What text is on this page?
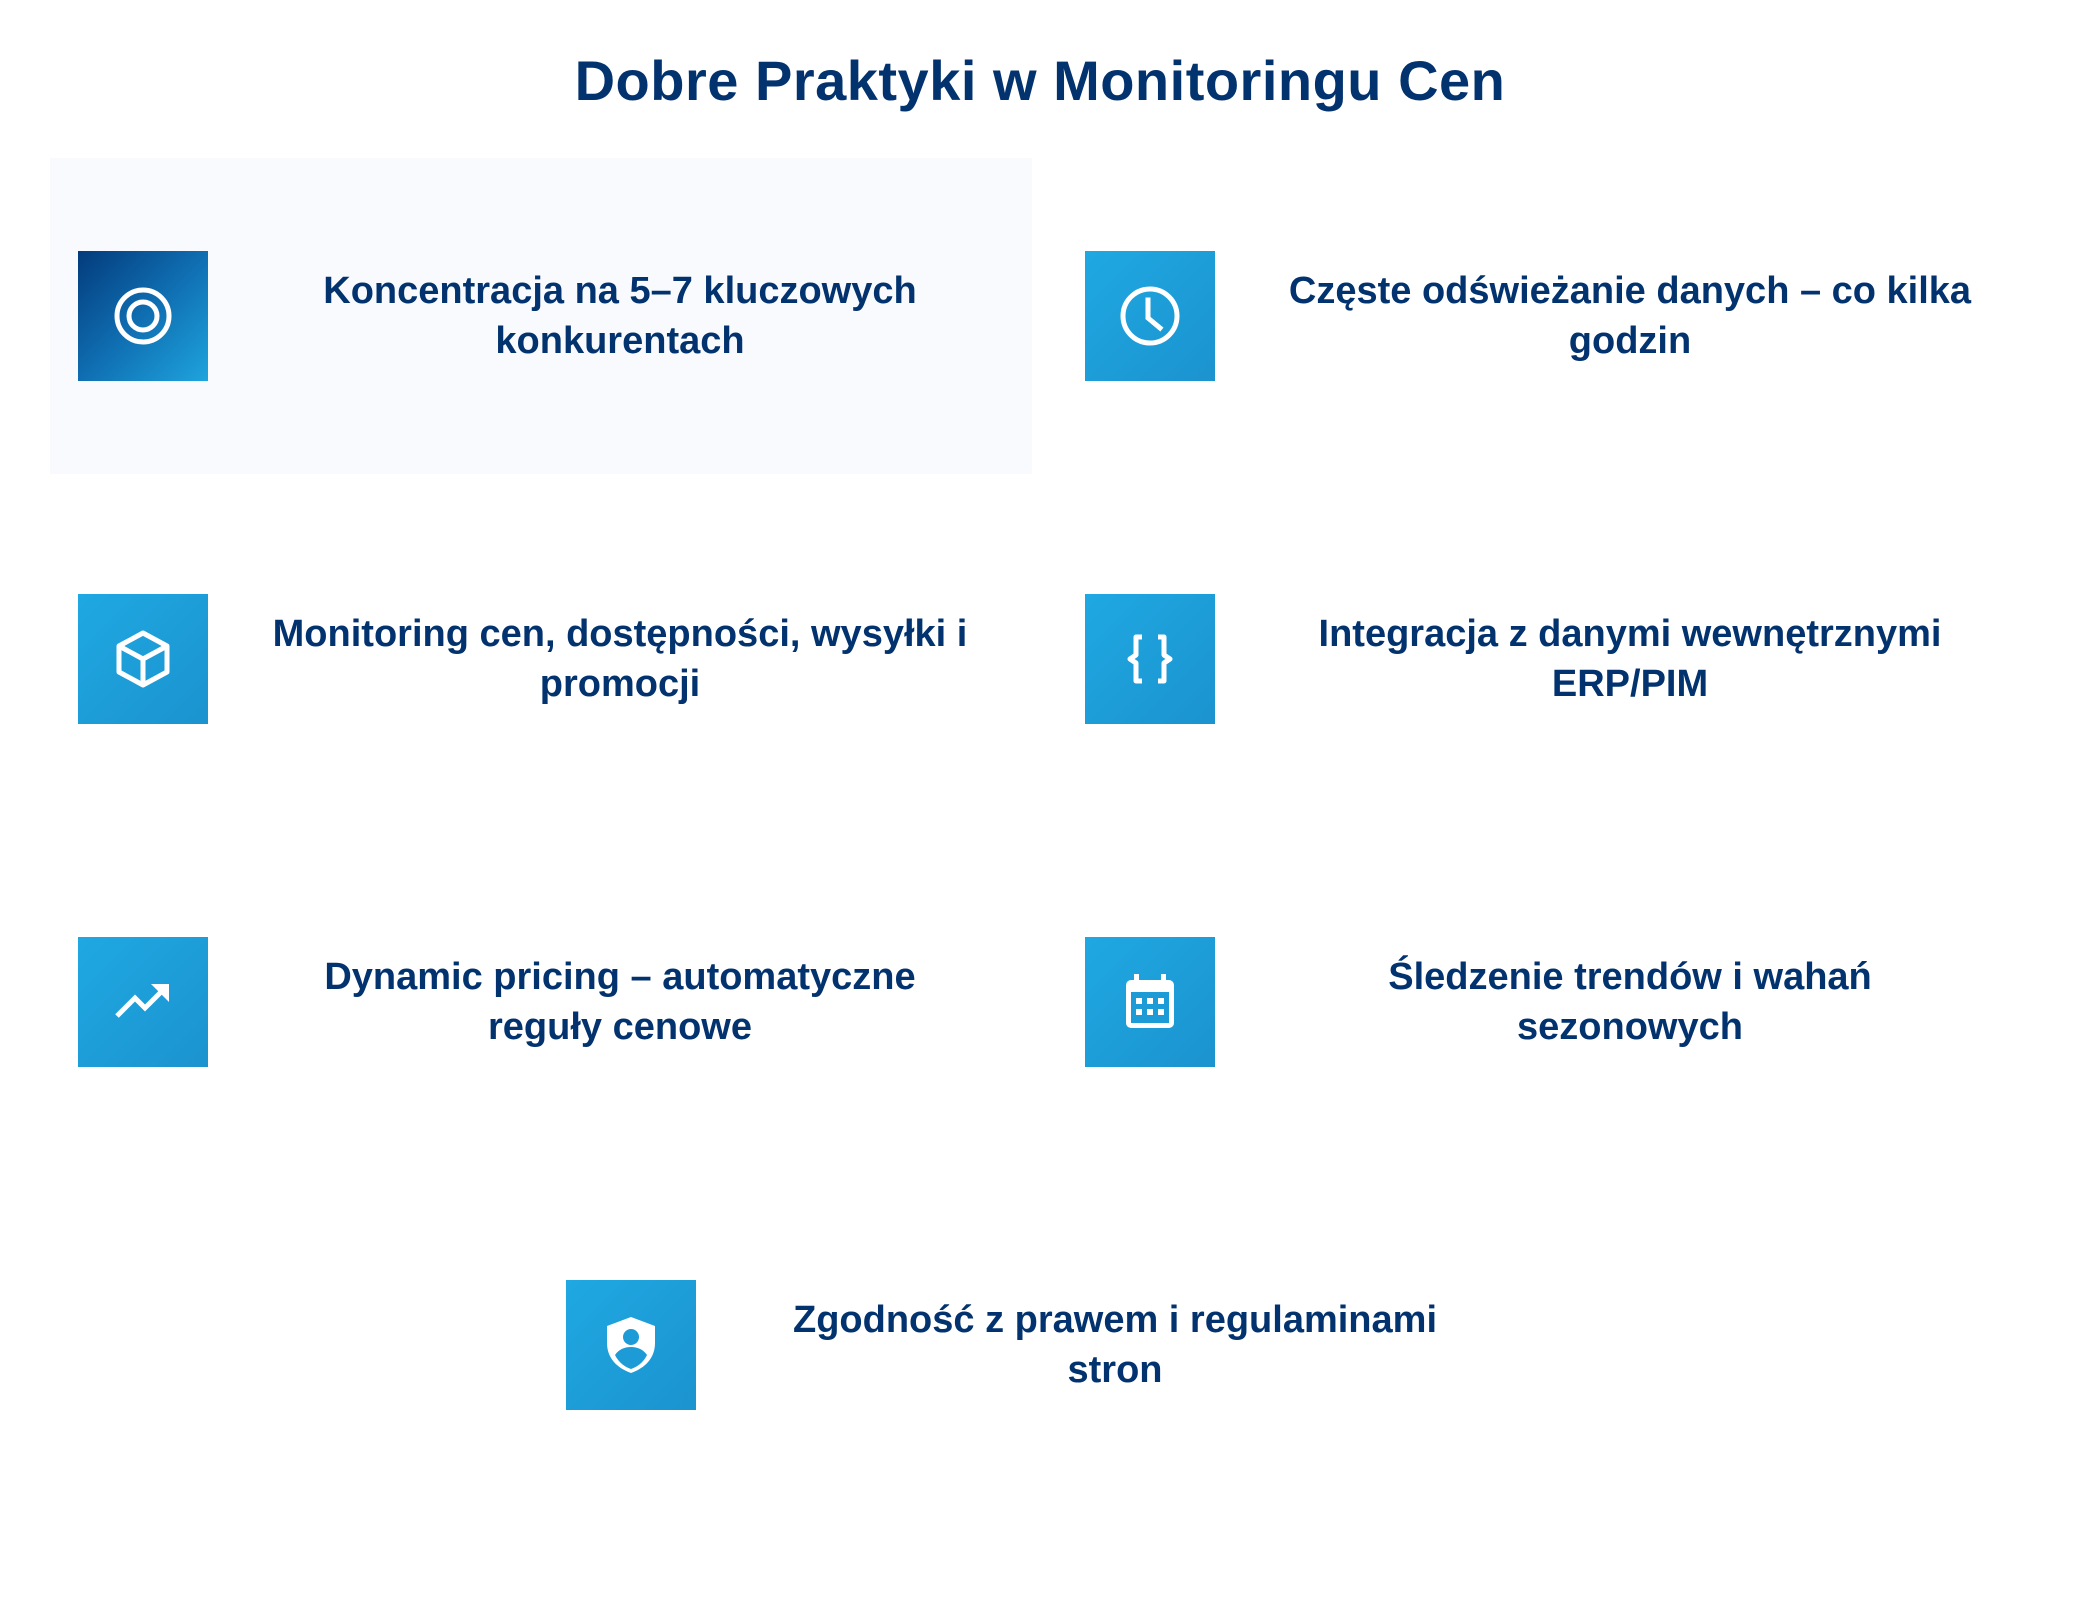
Dobre Praktyki w Monitoringu Cen
Koncentracja na 5–7 kluczowych
konkurentach
Częste odświeżanie danych – co kilka
godzin
Monitoring cen, dostępności, wysyłki i
promocji
Integracja z danymi wewnętrznymi
ERP/PIM
Dynamic pricing – automatyczne
reguły cenowe
Śledzenie trendów i wahań
sezonowych
Zgodność z prawem i regulaminami
stron
